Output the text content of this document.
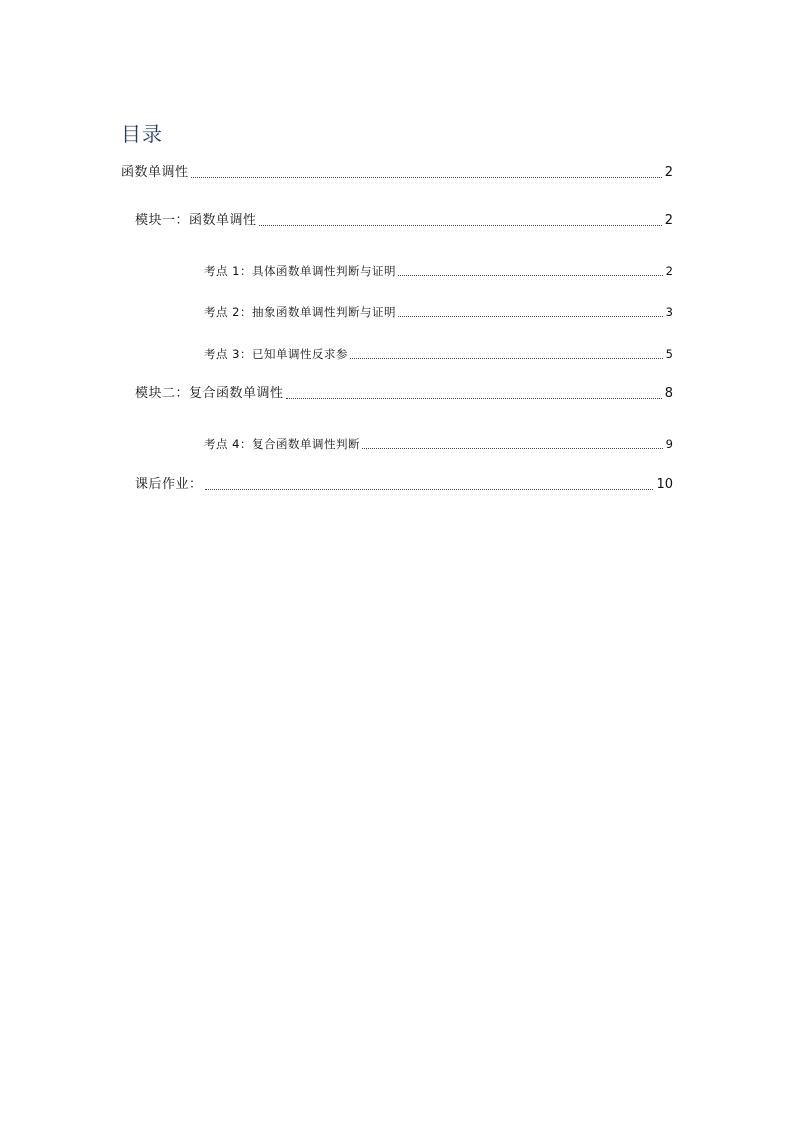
目录
函数单调性	2
模块一：函数单调性	2
考点 1：具体函数单调性判断与证明	2
考点 2：抽象函数单调性判断与证明	3
考点 3：已知单调性反求参	5
模块二：复合函数单调性	8
考点 4：复合函数单调性判断	9
课后作业：	10
